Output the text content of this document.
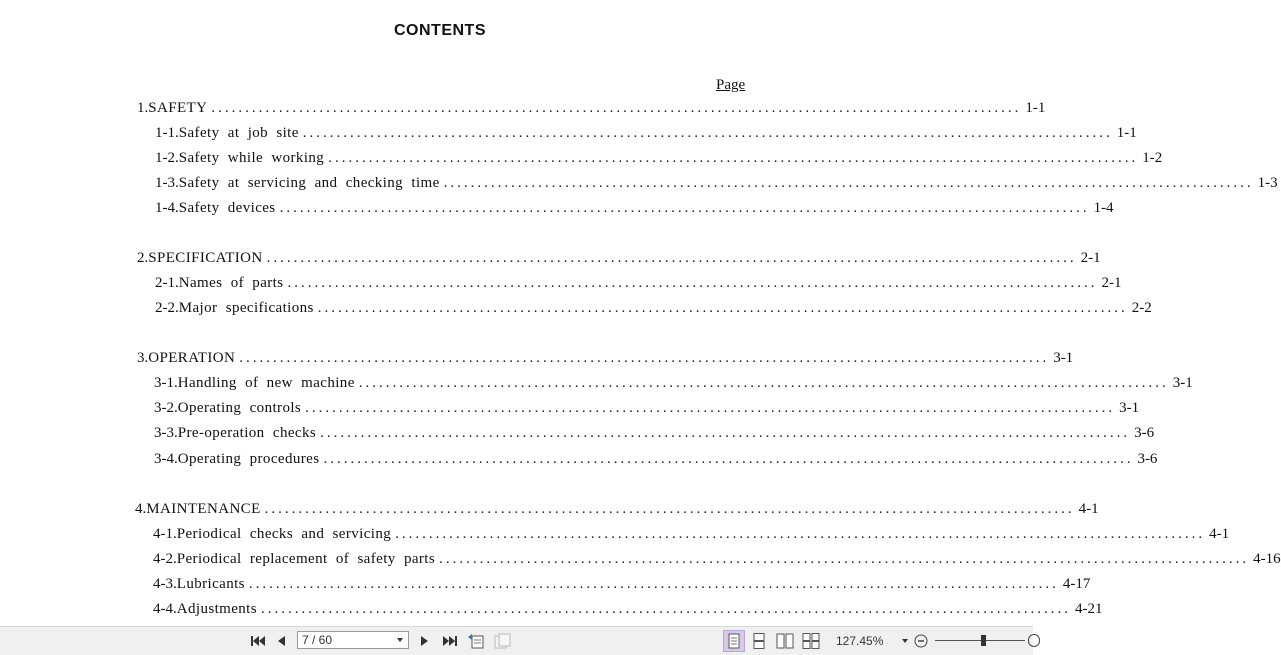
CONTENTS
Page
1. SAFETY ........................................................................................................................ 1-1
1-1. Safety  at  job  site ........................................................................................................................ 1-1
1-2. Safety  while  working ........................................................................................................................ 1-2
1-3. Safety  at  servicing  and  checking  time ........................................................................................................................ 1-3
1-4. Safety  devices ........................................................................................................................ 1-4
2. SPECIFICATION ........................................................................................................................ 2-1
2-1. Names  of  parts ........................................................................................................................ 2-1
2-2. Major  specifications ........................................................................................................................ 2-2
3. OPERATION ........................................................................................................................ 3-1
3-1. Handling  of  new  machine ........................................................................................................................ 3-1
3-2. Operating  controls ........................................................................................................................ 3-1
3-3. Pre-operation  checks ........................................................................................................................ 3-6
3-4. Operating  procedures ........................................................................................................................ 3-6
4. MAINTENANCE ........................................................................................................................ 4-1
4-1. Periodical  checks  and  servicing ........................................................................................................................ 4-1
4-2. Periodical  replacement  of  safety  parts ........................................................................................................................ 4-16
4-3. Lubricants ........................................................................................................................ 4-17
4-4. Adjustments ........................................................................................................................ 4-21
7 / 60	127.45%
